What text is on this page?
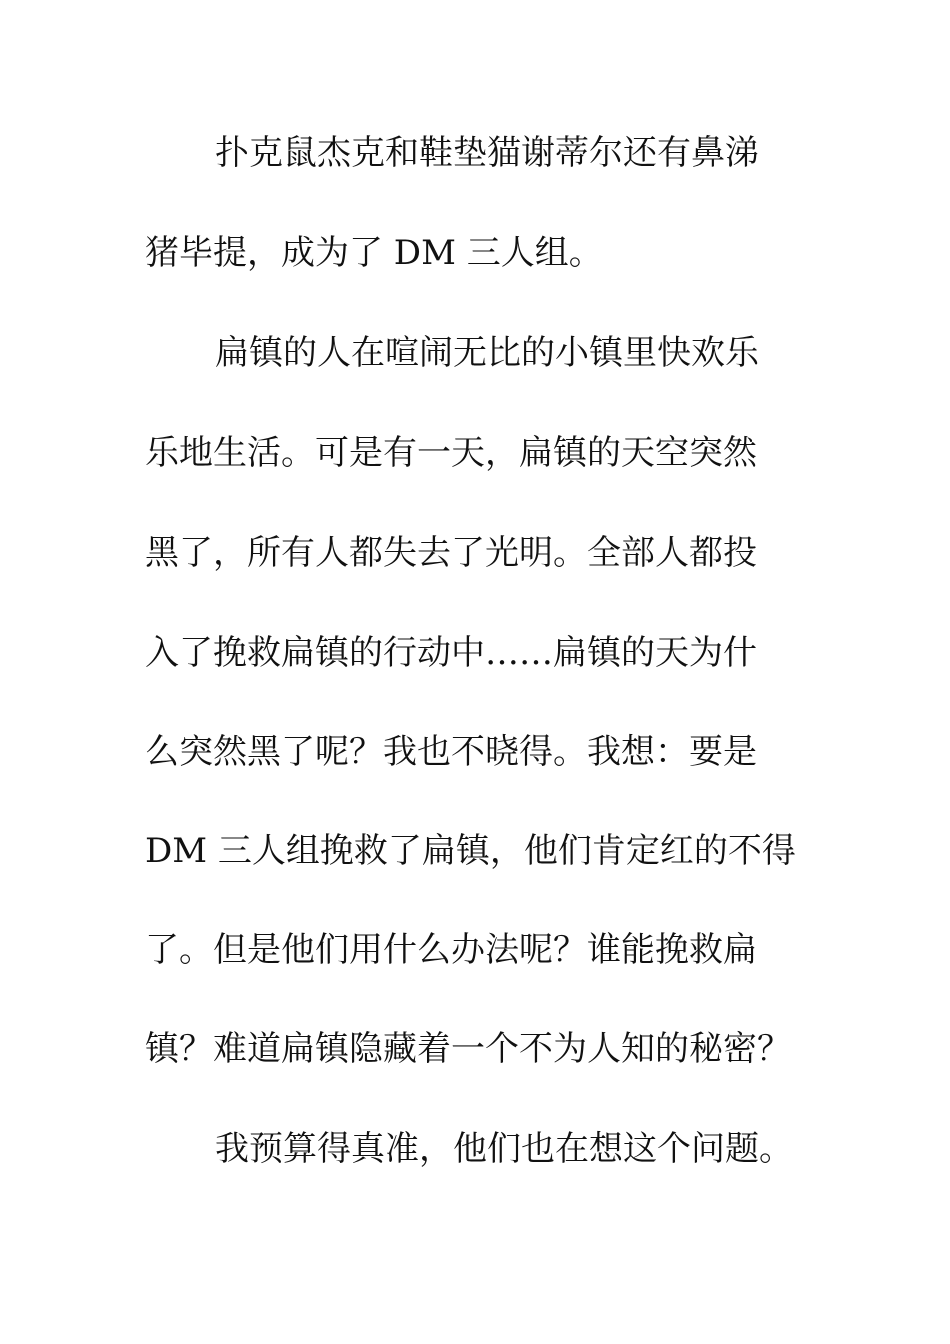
扑克鼠杰克和鞋垫猫谢蒂尔还有鼻涕
猪毕提，成为了 DM 三人组。
扁镇的人在喧闹无比的小镇里快欢乐
乐地生活。可是有一天，扁镇的天空突然
黑了，所有人都失去了光明。全部人都投
入了挽救扁镇的行动中……扁镇的天为什
么突然黑了呢？我也不晓得。我想：要是
DM 三人组挽救了扁镇，他们肯定红的不得
了。但是他们用什么办法呢？谁能挽救扁
镇？难道扁镇隐藏着一个不为人知的秘密？
我预算得真准，他们也在想这个问题。
